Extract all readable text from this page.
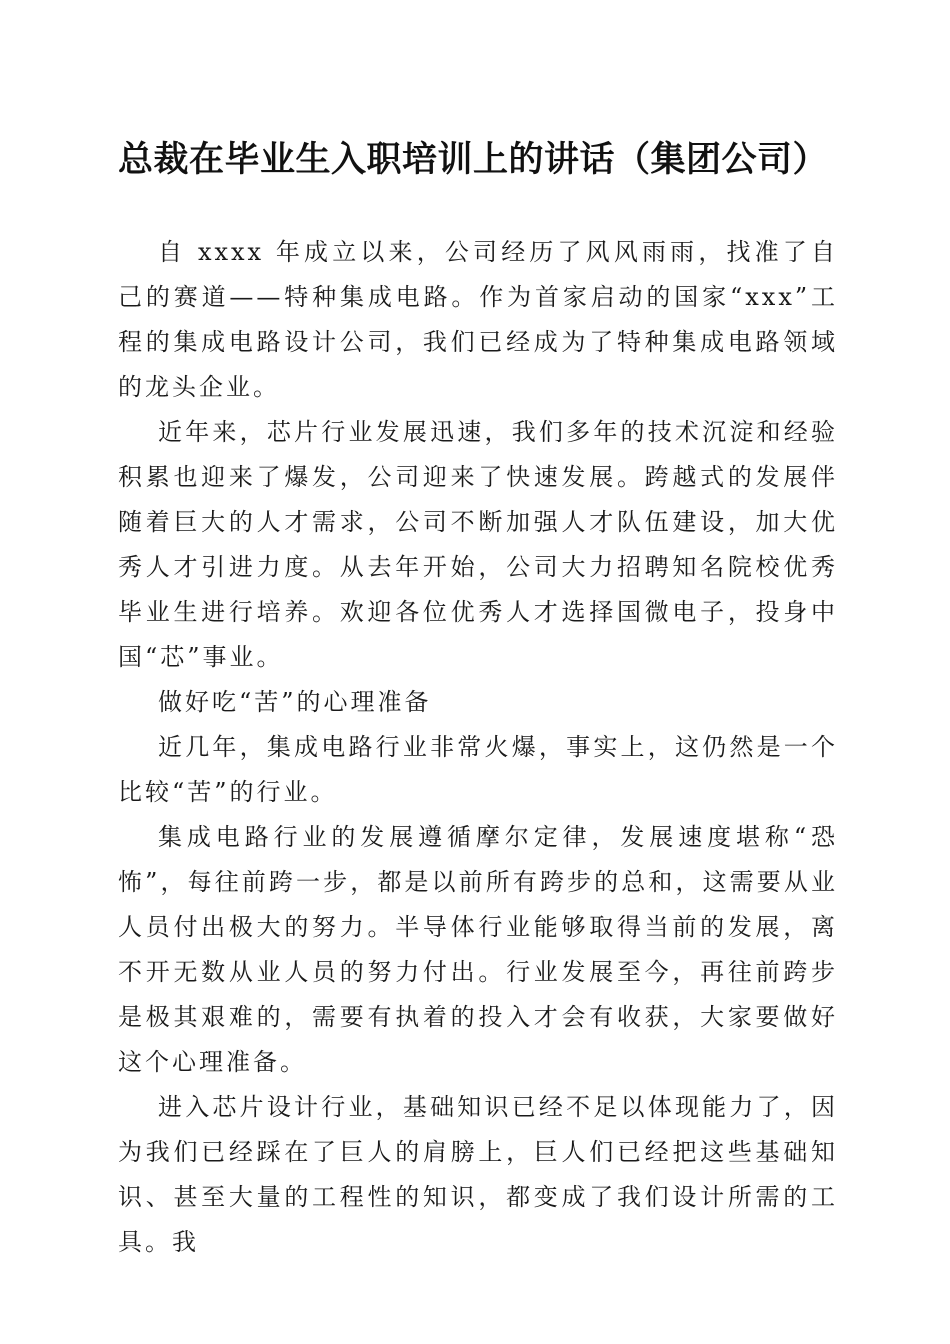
总裁在毕业生入职培训上的讲话（集团公司）

自 xxxx 年成立以来，公司经历了风风雨雨，找准了自己的赛道——特种集成电路。作为首家启动的国家“xxx”工程的集成电路设计公司，我们已经成为了特种集成电路领域的龙头企业。

近年来，芯片行业发展迅速，我们多年的技术沉淀和经验积累也迎来了爆发，公司迎来了快速发展。跨越式的发展伴随着巨大的人才需求，公司不断加强人才队伍建设，加大优秀人才引进力度。从去年开始，公司大力招聘知名院校优秀毕业生进行培养。欢迎各位优秀人才选择国微电子，投身中国“芯”事业。

做好吃“苦”的心理准备

近几年，集成电路行业非常火爆，事实上，这仍然是一个比较“苦”的行业。

集成电路行业的发展遵循摩尔定律，发展速度堪称“恐怖”，每往前跨一步，都是以前所有跨步的总和，这需要从业人员付出极大的努力。半导体行业能够取得当前的发展，离不开无数从业人员的努力付出。行业发展至今，再往前跨步是极其艰难的，需要有执着的投入才会有收获，大家要做好这个心理准备。

进入芯片设计行业，基础知识已经不足以体现能力了，因为我们已经踩在了巨人的肩膀上，巨人们已经把这些基础知识、甚至大量的工程性的知识，都变成了我们设计所需的工具。我
